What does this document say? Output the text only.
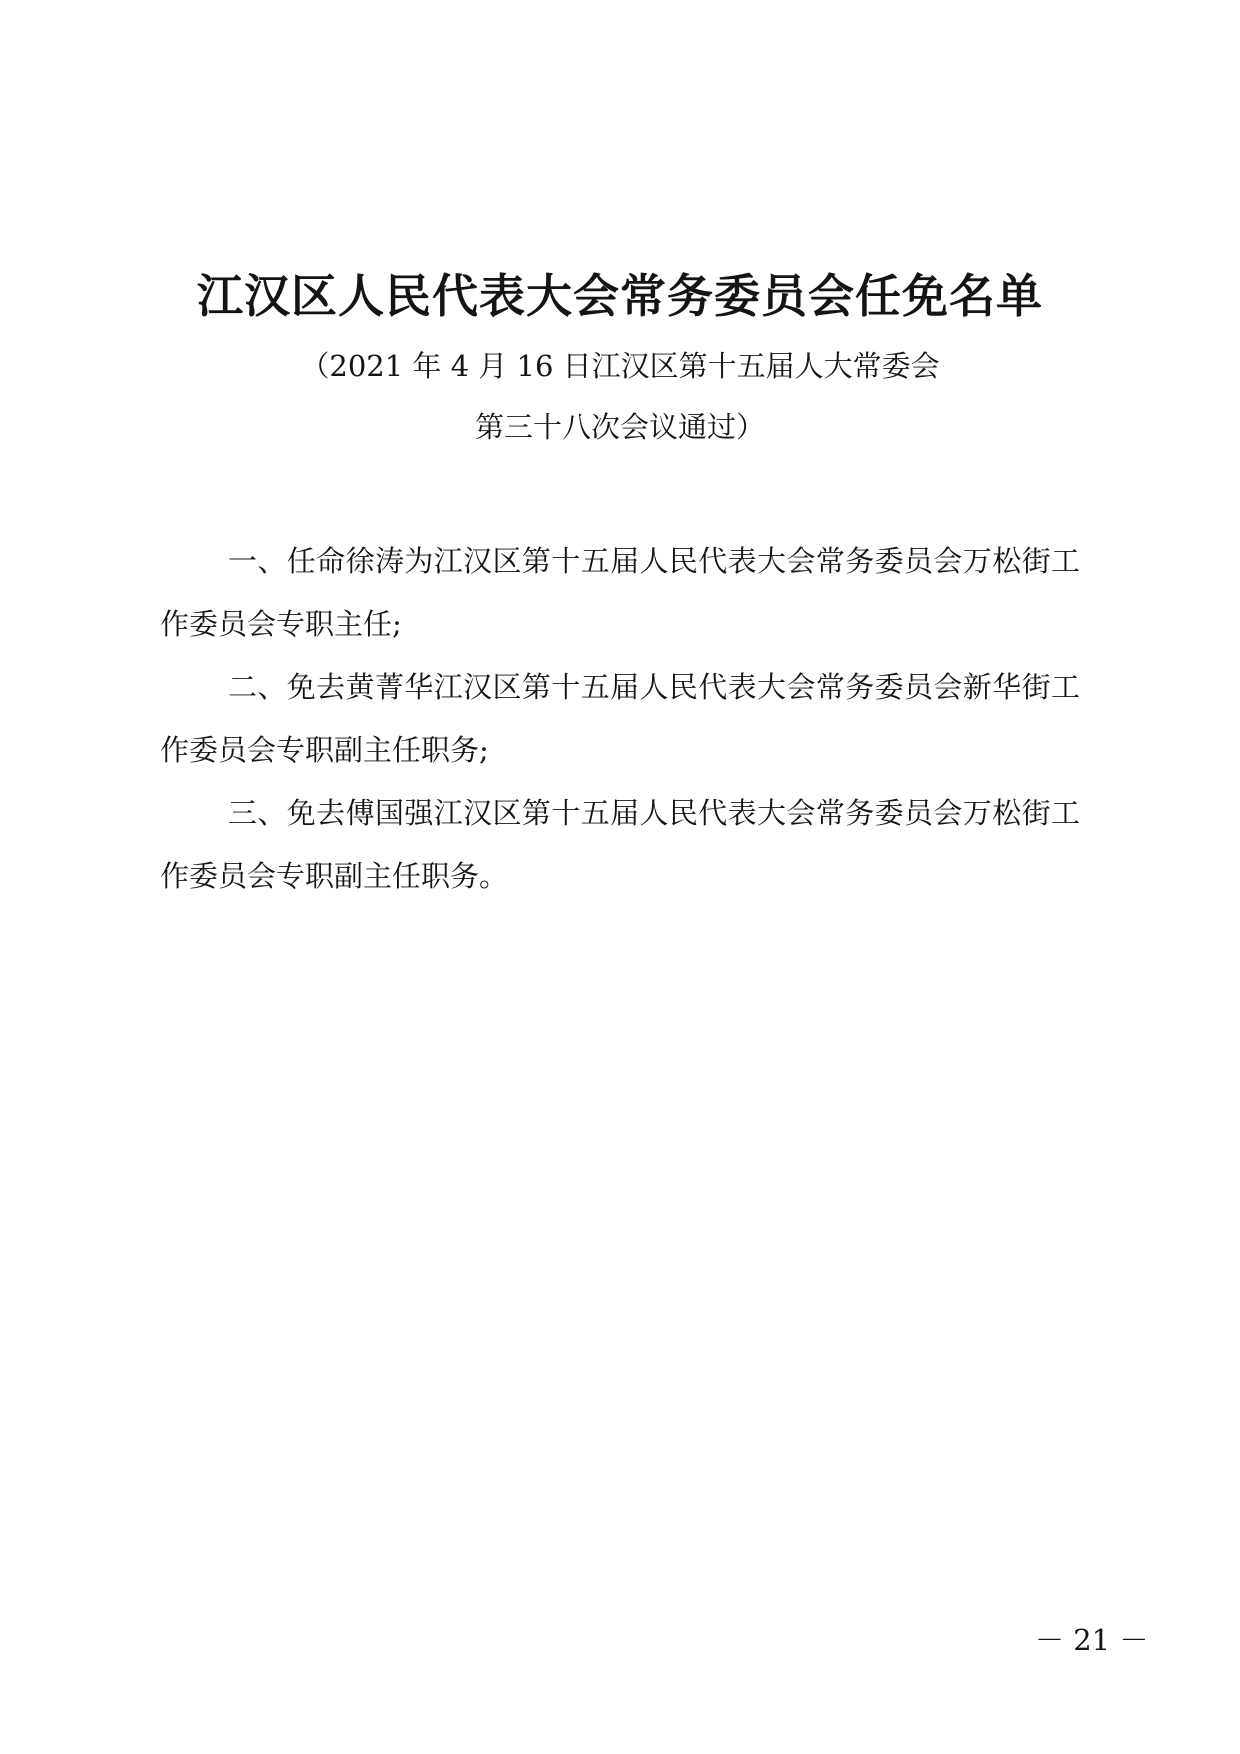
江汉区人民代表大会常务委员会任免名单
（2021 年 4 月 16 日江汉区第十五届人大常委会
第三十八次会议通过）

一、任命徐涛为江汉区第十五届人民代表大会常务委员会万松街工作委员会专职主任;

二、免去黄菁华江汉区第十五届人民代表大会常务委员会新华街工作委员会专职副主任职务;

三、免去傅国强江汉区第十五届人民代表大会常务委员会万松街工作委员会专职副主任职务。

－ 21 －
